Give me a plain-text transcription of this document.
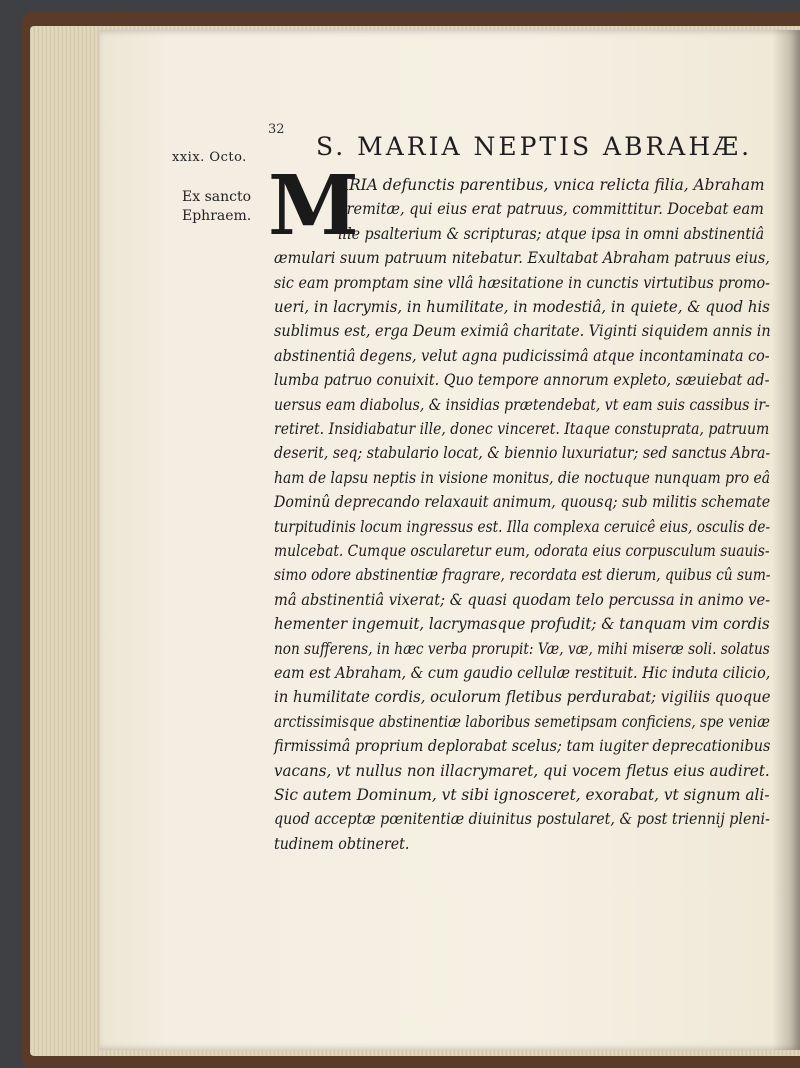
32
xxix. Octo.
Ex sancto
Ephraem.
S. MARIA NEPTIS ABRAHÆ.
M
ARIA defunctis parentibus, vnica relicta filia, Abraham
eremitæ, qui eius erat patruus, committitur. Docebat eam
ille psalterium & scripturas; atque ipsa in omni abstinentiâ
æmulari suum patruum nitebatur. Exultabat Abraham patruus eius,
sic eam promptam sine vllâ hæsitatione in cunctis virtutibus promo-
ueri, in lacrymis, in humilitate, in modestiâ, in quiete, & quod his
sublimus est, erga Deum eximiâ charitate. Viginti siquidem annis in
abstinentiâ degens, velut agna pudicissimâ atque incontaminata co-
lumba patruo conuixit. Quo tempore annorum expleto, sæuiebat ad-
uersus eam diabolus, & insidias prætendebat, vt eam suis cassibus ir-
retiret. Insidiabatur ille, donec vinceret. Itaque constuprata, patruum
deserit, seq; stabulario locat, & biennio luxuriatur; sed sanctus Abra-
ham de lapsu neptis in visione monitus, die noctuque nunquam pro eâ
Dominû deprecando relaxauit animum, quousq; sub militis schemate
turpitudinis locum ingressus est. Illa complexa ceruicê eius, osculis de-
mulcebat. Cumque oscularetur eum, odorata eius corpusculum suauis-
simo odore abstinentiæ fragrare, recordata est dierum, quibus cû sum-
mâ abstinentiâ vixerat; & quasi quodam telo percussa in animo ve-
hementer ingemuit, lacrymasque profudit; & tanquam vim cordis
non sufferens, in hæc verba prorupit: Væ, væ, mihi miseræ soli. solatus
eam est Abraham, & cum gaudio cellulæ restituit. Hic induta cilicio,
in humilitate cordis, oculorum fletibus perdurabat; vigiliis quoque
arctissimisque abstinentiæ laboribus semetipsam conficiens, spe veniæ
firmissimâ proprium deplorabat scelus; tam iugiter deprecationibus
vacans, vt nullus non illacrymaret, qui vocem fletus eius audiret.
Sic autem Dominum, vt sibi ignosceret, exorabat, vt signum ali-
quod acceptæ pœnitentiæ diuinitus postularet, & post triennij pleni-
tudinem obtineret.
